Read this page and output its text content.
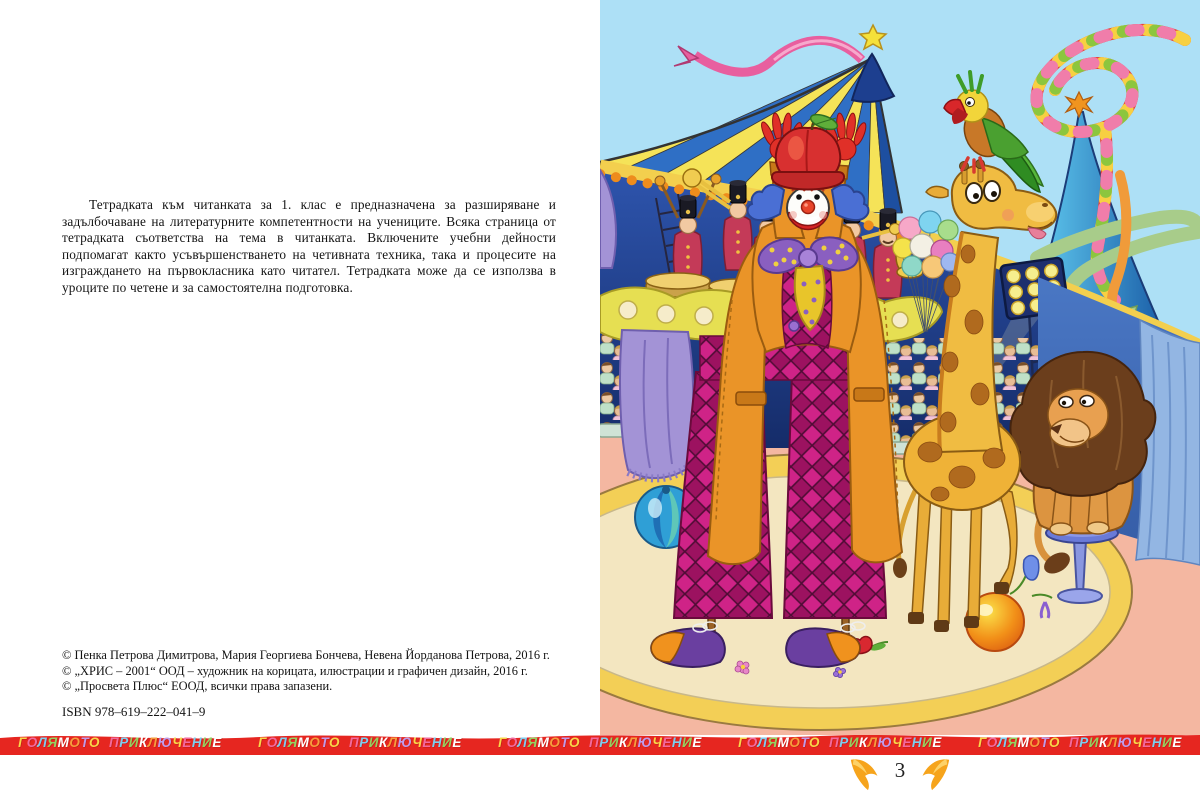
Тетрадката към читанката за 1. клас е предназначена за разширяване и задълбочаване на литературните компетентности на учениците. Всяка страница от тетрадката съответства на тема в читанката. Включените учебни дейности подпомагат както усъвършенстването на четивната техника, така и процесите на изграждането на първокласника като читател. Тетрадката може да се използва в уроците по четене и за самостоятелна подготовка.

© Пенка Петрова Димитрова, Мария Георгиева Бончева, Невена Йорданова Петрова, 2016 г.
© „ХРИС – 2001“ ООД – художник на корицата, илюстрации и графичен дизайн, 2016 г.
© „Просвета Плюс“ ЕООД, всички права запазени.
ISBN 978–619–222–041–9
ГОЛЯМОТО ПРИКЛЮЧЕНИЕ	ГОЛЯМОТО ПРИКЛЮЧЕНИЕ	ГОЛЯМОТО ПРИКЛЮЧЕНИЕ	ГОЛЯМОТО ПРИКЛЮЧЕНИЕ	ГОЛЯМОТО ПРИКЛЮЧЕНИЕ
3
